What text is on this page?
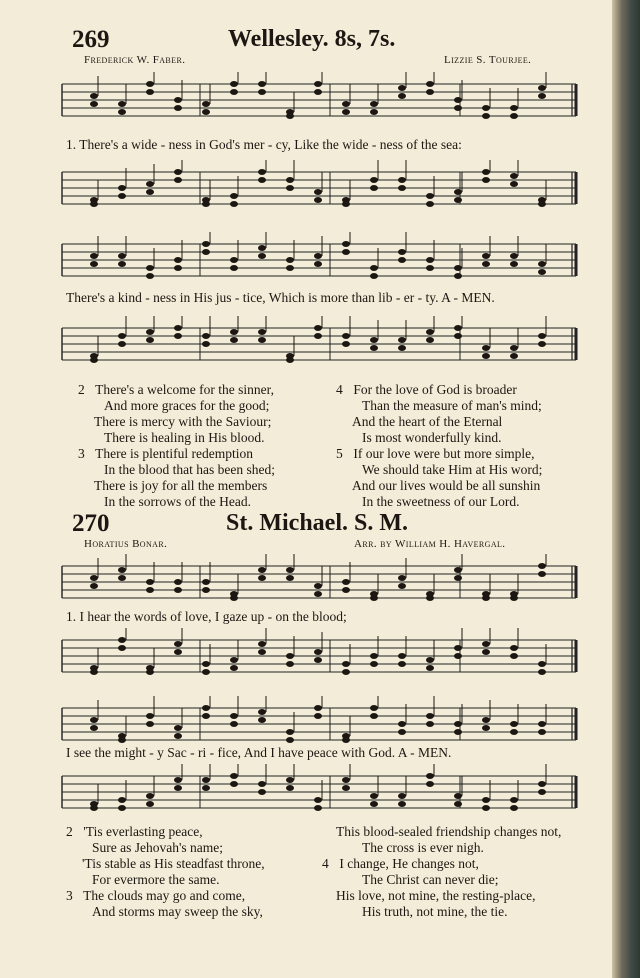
269	Wellesley. 8s, 7s.
Frederick W. Faber.	Lizzie S. Tourjee.
1. There's a wide - ness in God's mer - cy, Like the wide - ness of the sea:
There's a kind - ness in His jus - tice, Which is more than lib - er - ty. A - MEN.
2 There's a welcome for the sinner,
And more graces for the good;
There is mercy with the Saviour;
There is healing in His blood.
3 There is plentiful redemption
In the blood that has been shed;
There is joy for all the members
In the sorrows of the Head.
4 For the love of God is broader
Than the measure of man's mind;
And the heart of the Eternal
Is most wonderfully kind.
5 If our love were but more simple,
We should take Him at His word;
And our lives would be all sunshin
In the sweetness of our Lord.
270	St. Michael. S. M.
Horatius Bonar.	Arr. by William H. Havergal.
1. I hear the words of love, I gaze up - on the blood;
I see the might - y Sac - ri - fice, And I have peace with God. A - MEN.
2 'Tis everlasting peace,
Sure as Jehovah's name;
'Tis stable as His steadfast throne,
For evermore the same.
3 The clouds may go and come,
And storms may sweep the sky,
This blood-sealed friendship changes not,
The cross is ever nigh.
4 I change, He changes not,
The Christ can never die;
His love, not mine, the resting-place,
His truth, not mine, the tie.
